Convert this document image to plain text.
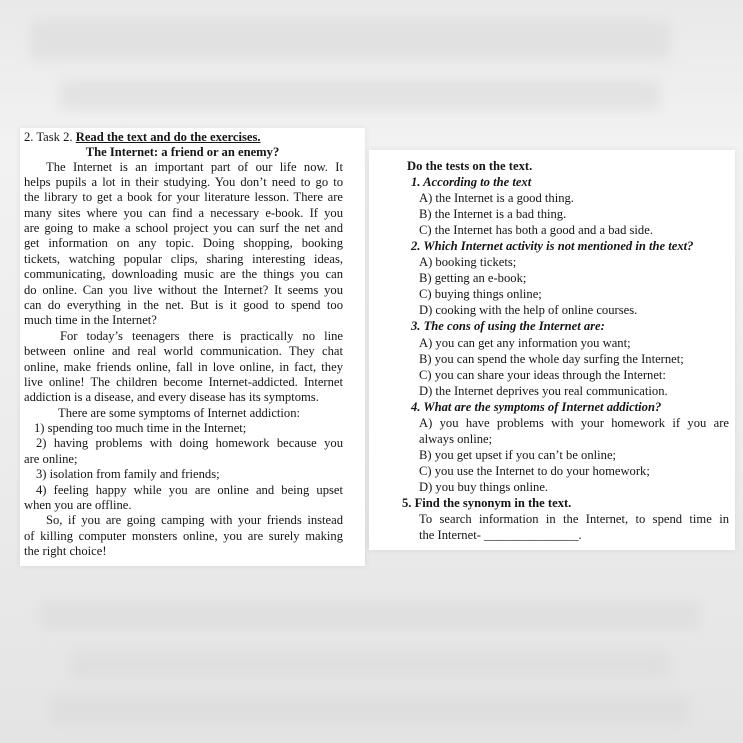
2. Task 2. Read the text and do the exercises.
The Internet: a friend or an enemy?
The Internet is an important part of our life now. It
helps pupils a lot in their studying. You don’t need to go to
the library to get a book for your literature lesson. There are
many sites where you can find a necessary e-book. If you
are going to make a school project you can surf the net and
get information on any topic. Doing shopping, booking
tickets, watching popular clips, sharing interesting ideas,
communicating, downloading music are the things you can
do online. Can you live without the Internet? It seems you
can do everything in the net. But is it good to spend too
much time in the Internet?
For today’s teenagers there is practically no line
between online and real world communication. They chat
online, make friends online, fall in love online, in fact, they
live online! The children become Internet-addicted. Internet
addiction is a disease, and every disease has its symptoms.
There are some symptoms of Internet addiction:
1) spending too much time in the Internet;
2) having problems with doing homework because you
are online;
3) isolation from family and friends;
4) feeling happy while you are online and being upset
when you are offline.
So, if you are going camping with your friends instead
of killing computer monsters online, you are surely making
the right choice!
Do the tests on the text.
1. According to the text
A) the Internet is a good thing.
B) the Internet is a bad thing.
C) the Internet has both a good and a bad side.
2. Which Internet activity is not mentioned in the text?
A) booking tickets;
B) getting an e-book;
C) buying things online;
D) cooking with the help of online courses.
3. The cons of using the Internet are:
A) you can get any information you want;
B) you can spend the whole day surfing the Internet;
C) you can share your ideas through the Internet:
D) the Internet deprives you real communication.
4. What are the symptoms of Internet addiction?
A) you have problems with your homework if you are
always online;
B) you get upset if you can’t be online;
C) you use the Internet to do your homework;
D) you buy things online.
5. Find the synonym in the text.
To search information in the Internet, to spend time in
the Internet- _______________.
